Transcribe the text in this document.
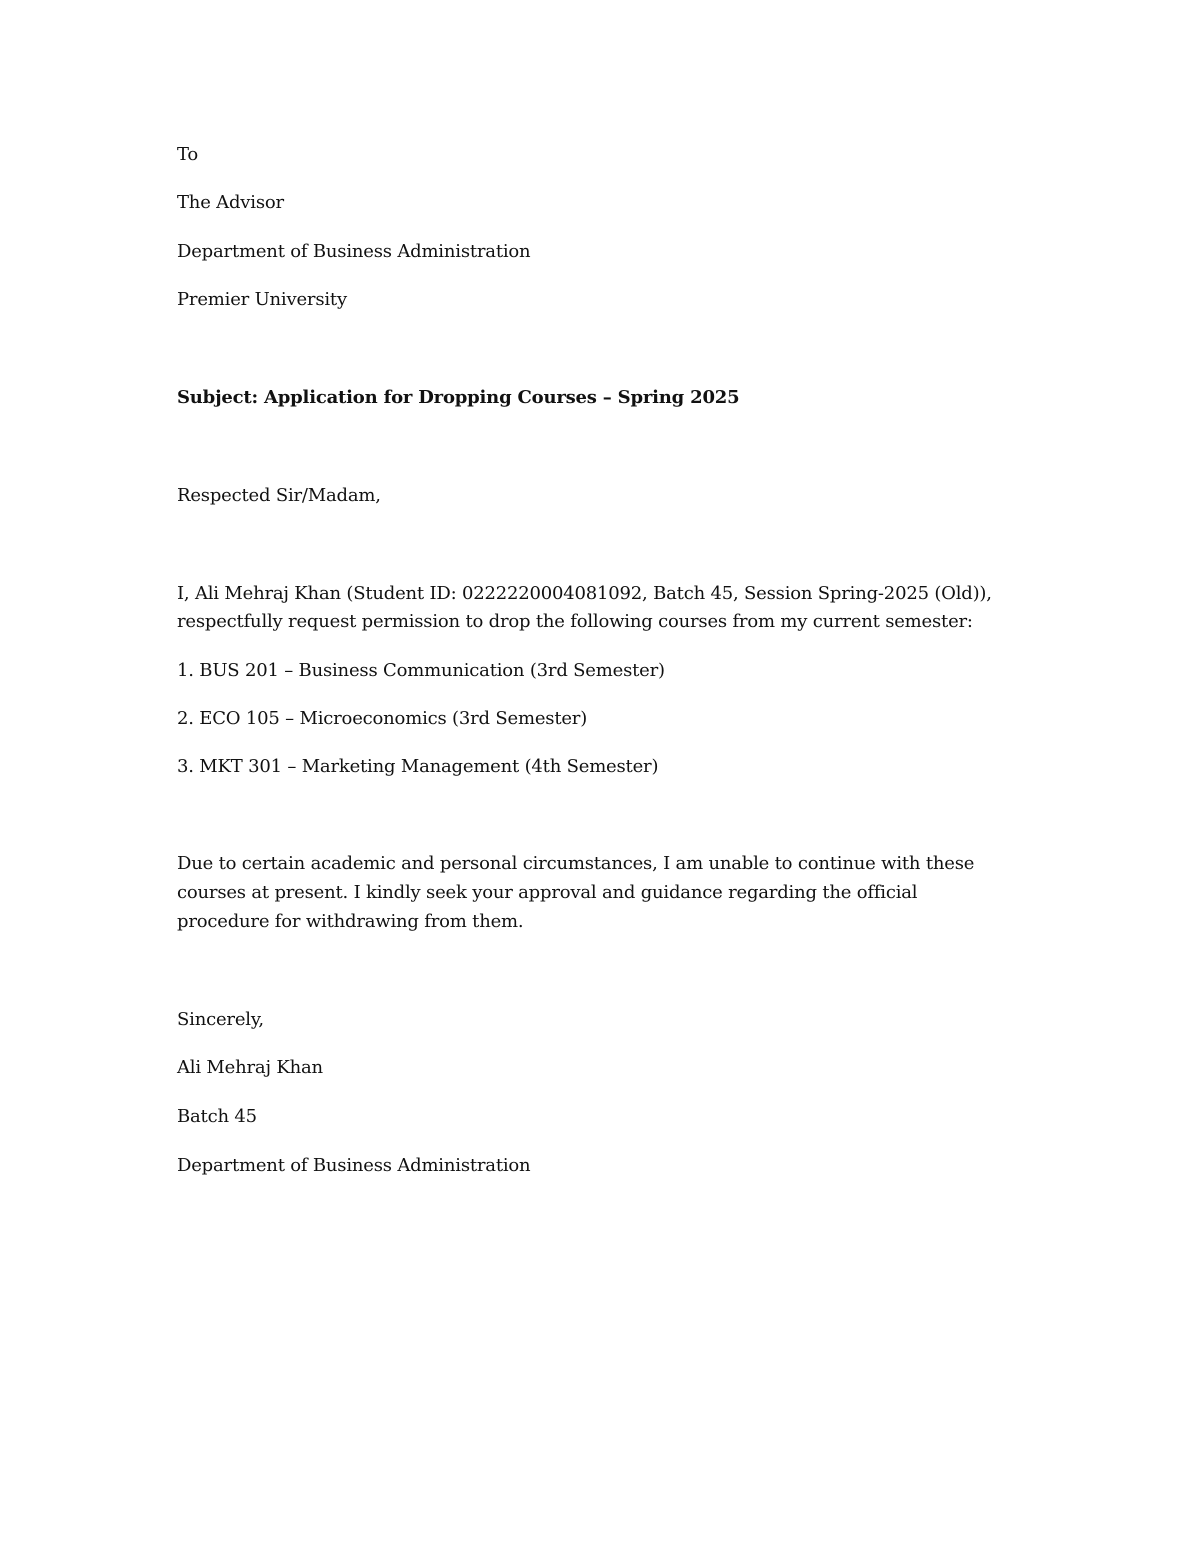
To
The Advisor
Department of Business Administration
Premier University
Subject: Application for Dropping Courses – Spring 2025
Respected Sir/Madam,
I, Ali Mehraj Khan (Student ID: 0222220004081092, Batch 45, Session Spring-2025 (Old)),
respectfully request permission to drop the following courses from my current semester:
1. BUS 201 – Business Communication (3rd Semester)
2. ECO 105 – Microeconomics (3rd Semester)
3. MKT 301 – Marketing Management (4th Semester)
Due to certain academic and personal circumstances, I am unable to continue with these
courses at present. I kindly seek your approval and guidance regarding the official
procedure for withdrawing from them.
Sincerely,
Ali Mehraj Khan
Batch 45
Department of Business Administration
